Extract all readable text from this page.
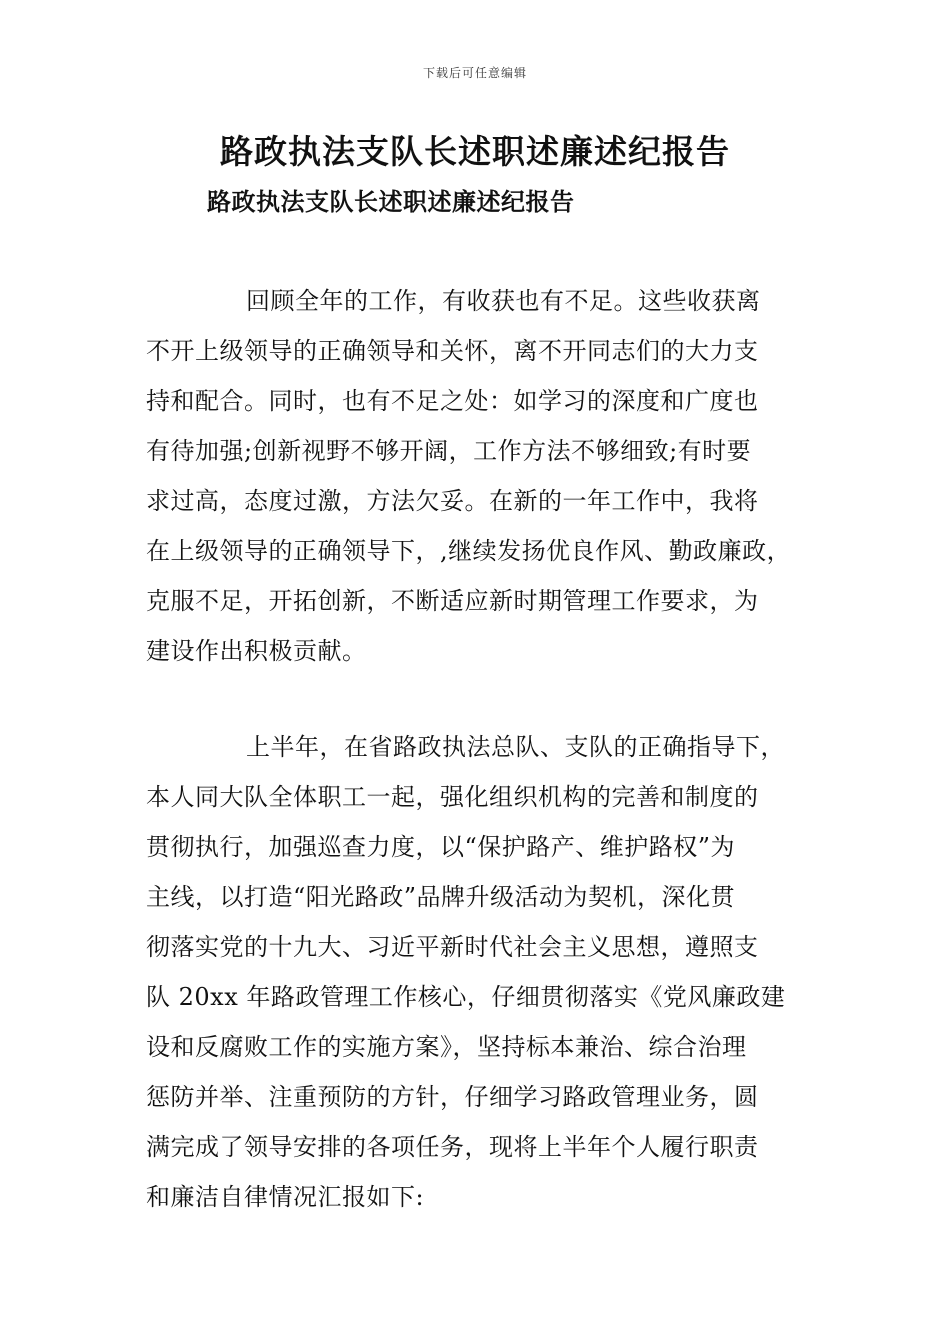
下载后可任意编辑
路政执法支队长述职述廉述纪报告
路政执法支队长述职述廉述纪报告
回顾全年的工作，有收获也有不足。这些收获离
不开上级领导的正确领导和关怀，离不开同志们的大力支
持和配合。同时，也有不足之处：如学习的深度和广度也
有待加强;创新视野不够开阔，工作方法不够细致;有时要
求过高，态度过激，方法欠妥。在新的一年工作中，我将
在上级领导的正确领导下，,继续发扬优良作风、勤政廉政，
克服不足，开拓创新，不断适应新时期管理工作要求，为
建设作出积极贡献。
上半年，在省路政执法总队、支队的正确指导下，
本人同大队全体职工一起，强化组织机构的完善和制度的
贯彻执行，加强巡查力度，以“保护路产、维护路权”为
主线，以打造“阳光路政”品牌升级活动为契机，深化贯
彻落实党的十九大、习近平新时代社会主义思想，遵照支
队 20xx 年路政管理工作核心，仔细贯彻落实《党风廉政建
设和反腐败工作的实施方案》，坚持标本兼治、综合治理
惩防并举、注重预防的方针，仔细学习路政管理业务，圆
满完成了领导安排的各项任务，现将上半年个人履行职责
和廉洁自律情况汇报如下:
